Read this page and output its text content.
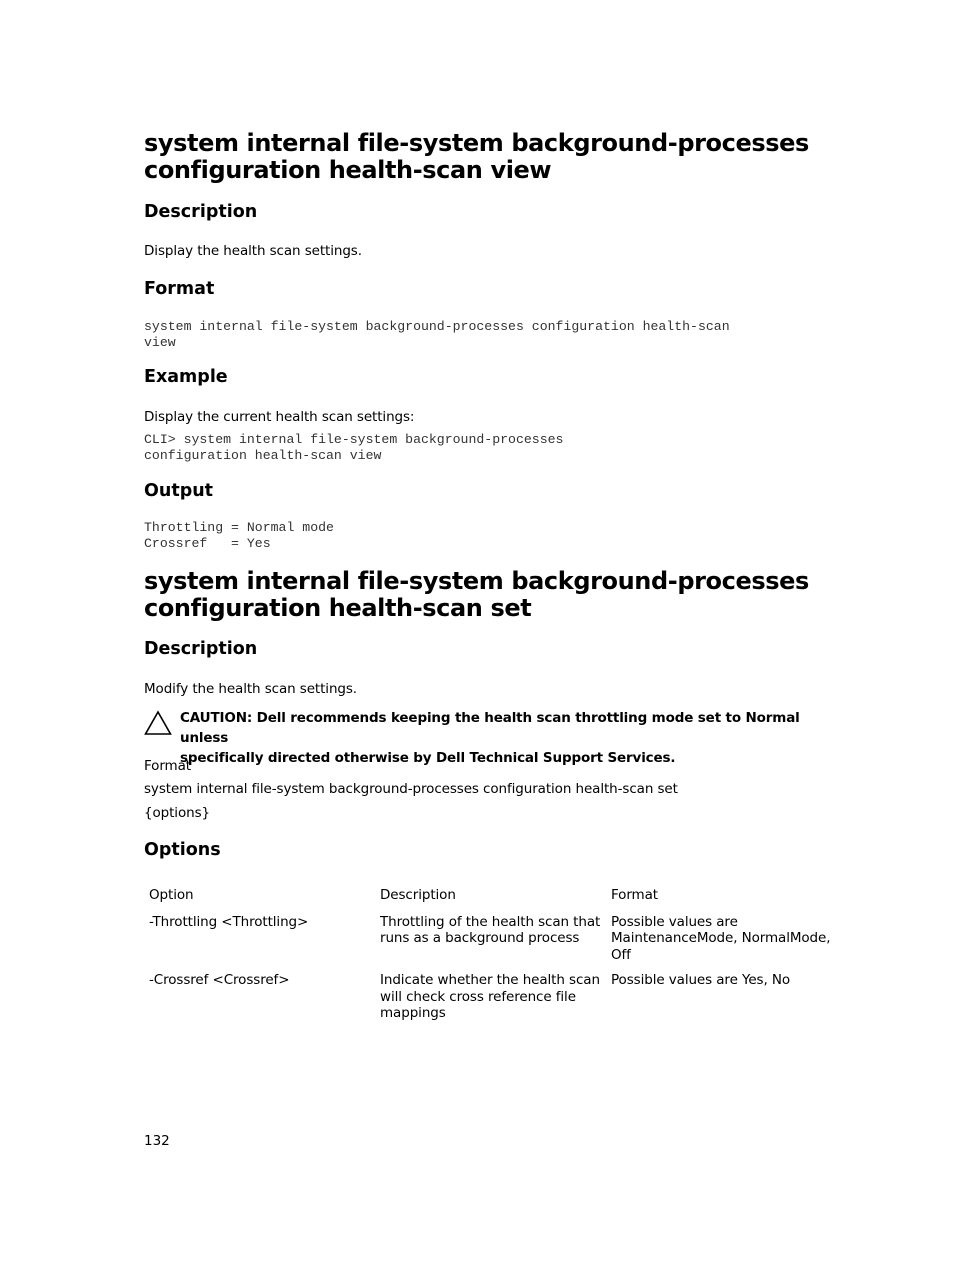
system internal file-system background-processes
configuration health-scan view
Description

Display the health scan settings.

Format
system internal file-system background-processes configuration health-scan
view
Example

Display the current health scan settings:

CLI> system internal file-system background-processes
configuration health-scan view
Output
Throttling = Normal mode
Crossref   = Yes
system internal file-system background-processes
configuration health-scan set
Description

Modify the health scan settings.

CAUTION: Dell recommends keeping the health scan throttling mode set to Normal unless
specifically directed otherwise by Dell Technical Support Services.

Format

system internal file-system background-processes configuration health-scan set

{options}

Options
Option	Description	Format
-Throttling <Throttling>	Throttling of the health scan that runs as a background process	Possible values are MaintenanceMode, NormalMode, Off
-Crossref <Crossref>	Indicate whether the health scan will check cross reference file mappings	Possible values are Yes, No

132
